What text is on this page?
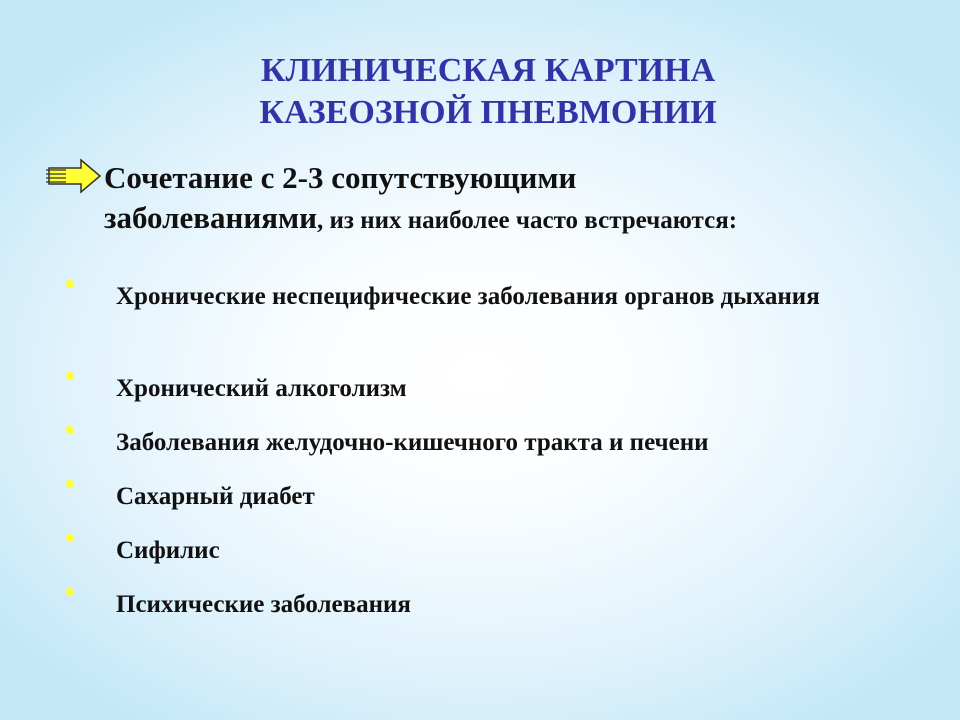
КЛИНИЧЕСКАЯ КАРТИНА
КАЗЕОЗНОЙ ПНЕВМОНИИ
Сочетание с 2-3 сопутствующими
заболеваниями, из них наиболее часто встречаются:
Хронические неспецифические заболевания органов дыхания
Хронический алкоголизм
Заболевания желудочно-кишечного тракта и печени
Сахарный диабет
Сифилис
Психические заболевания
